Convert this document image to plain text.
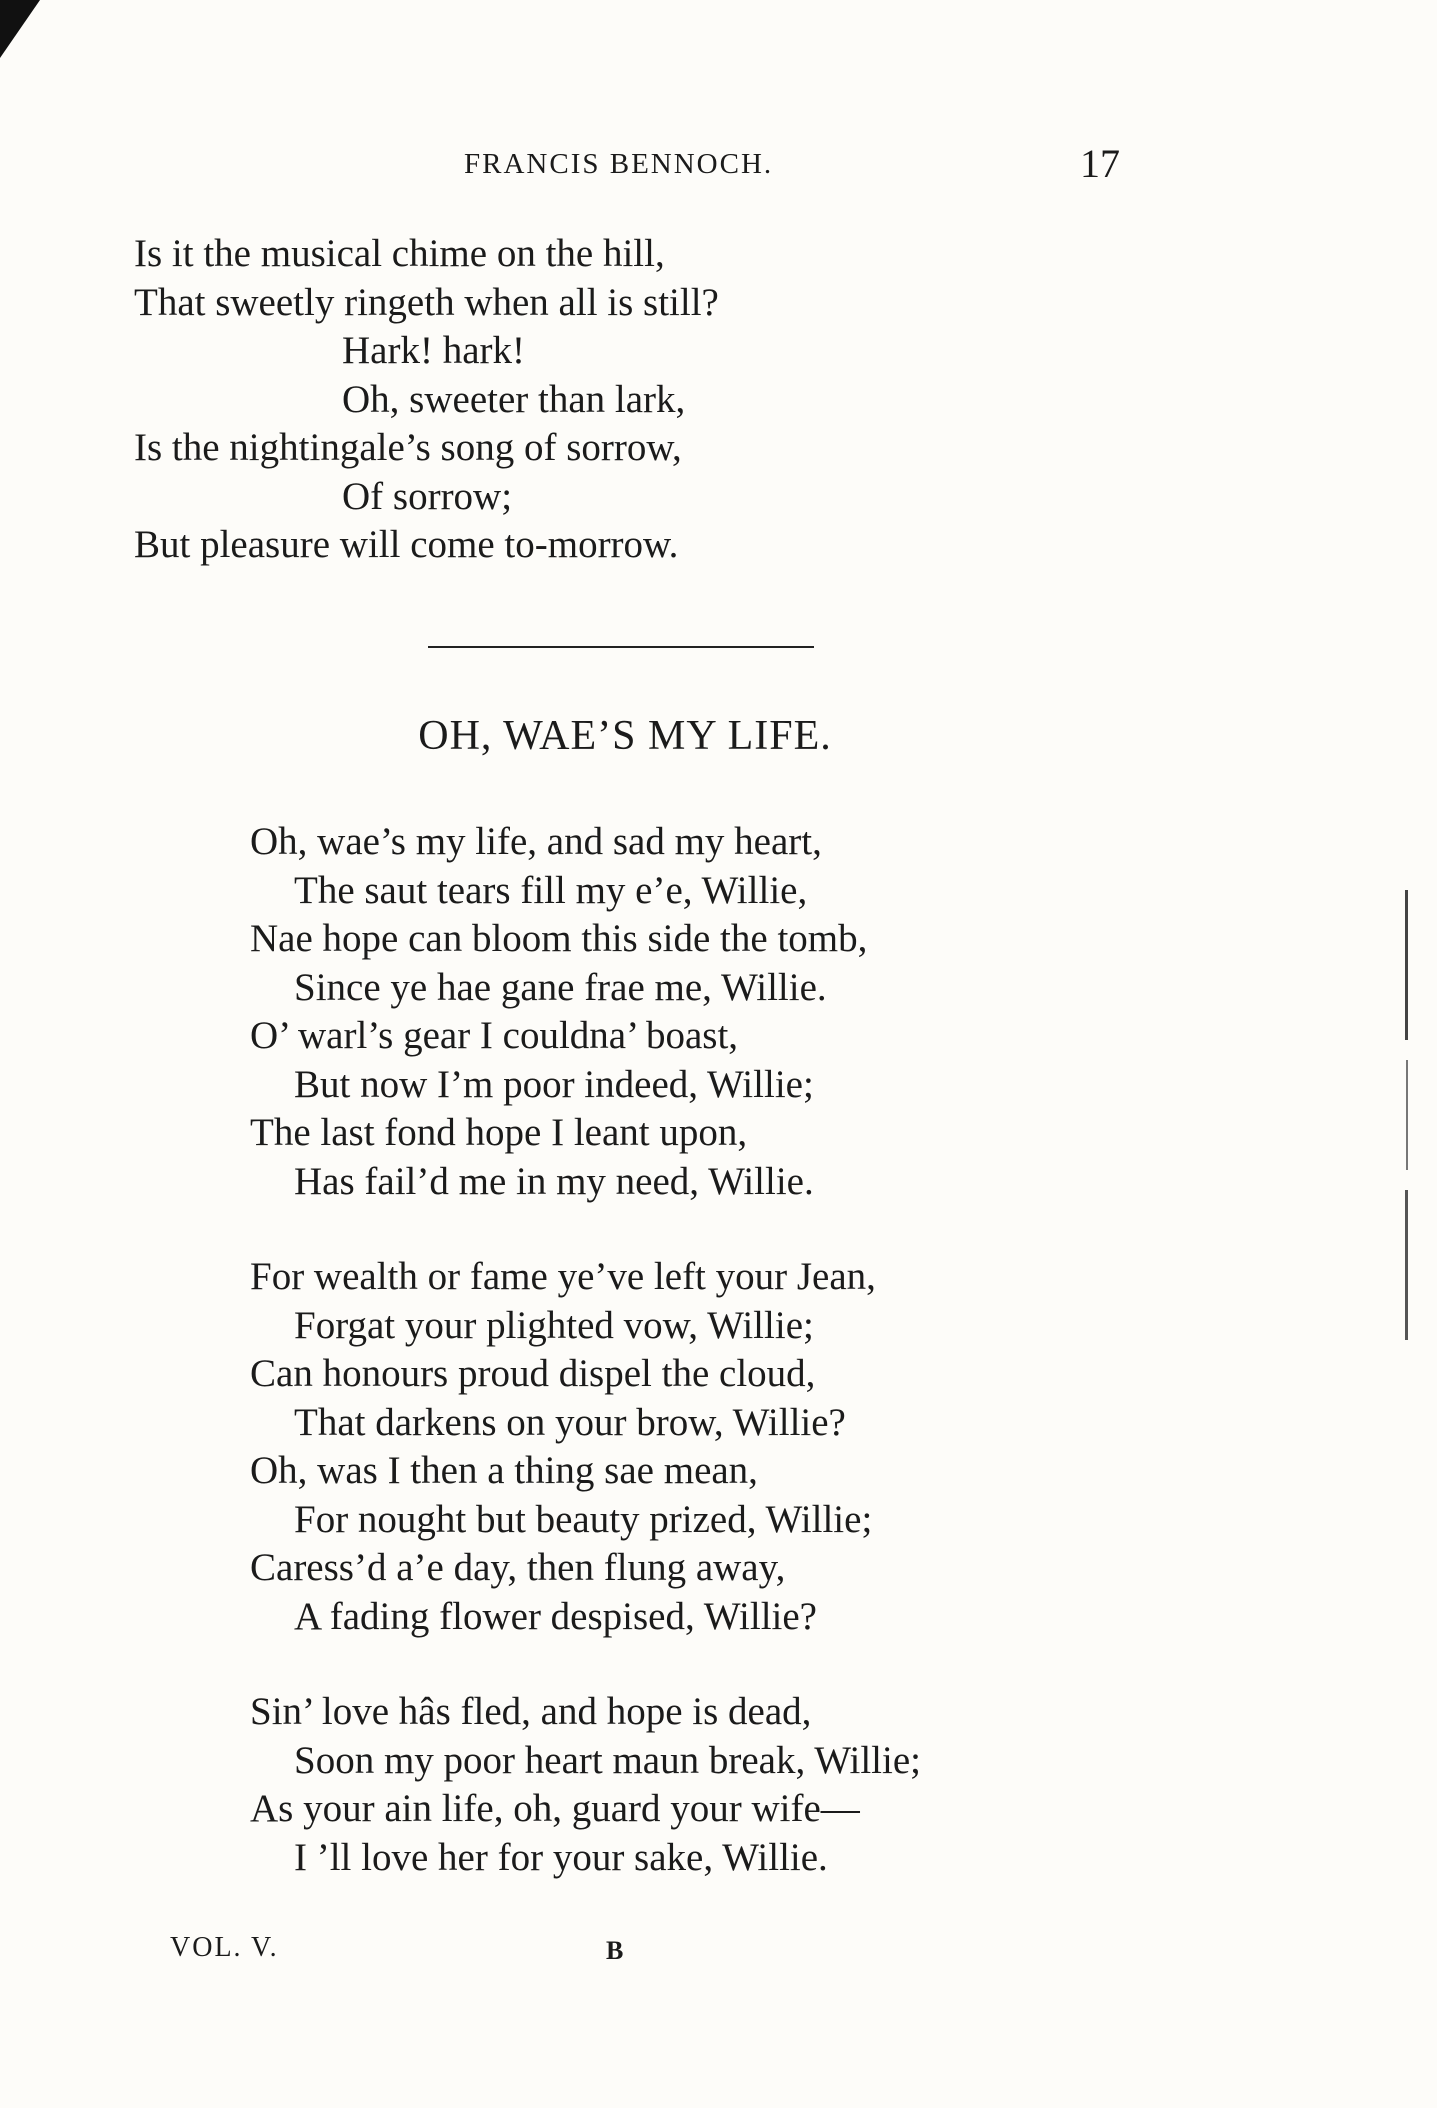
FRANCIS BENNOCH.	17
Is it the musical chime on the hill,
That sweetly ringeth when all is still?
Hark! hark!
Oh, sweeter than lark,
Is the nightingale’s song of sorrow,
Of sorrow;
But pleasure will come to-morrow.
OH, WAE’S MY LIFE.
Oh, wae’s my life, and sad my heart,
The saut tears fill my e’e, Willie,
Nae hope can bloom this side the tomb,
Since ye hae gane frae me, Willie.
O’ warl’s gear I couldna’ boast,
But now I’m poor indeed, Willie;
The last fond hope I leant upon,
Has fail’d me in my need, Willie.
For wealth or fame ye’ve left your Jean,
Forgat your plighted vow, Willie;
Can honours proud dispel the cloud,
That darkens on your brow, Willie?
Oh, was I then a thing sae mean,
For nought but beauty prized, Willie;
Caress’d a’e day, then flung away,
A fading flower despised, Willie?
Sin’ love hâs fled, and hope is dead,
Soon my poor heart maun break, Willie;
As your ain life, oh, guard your wife—
I ’ll love her for your sake, Willie.
VOL. V.	B
